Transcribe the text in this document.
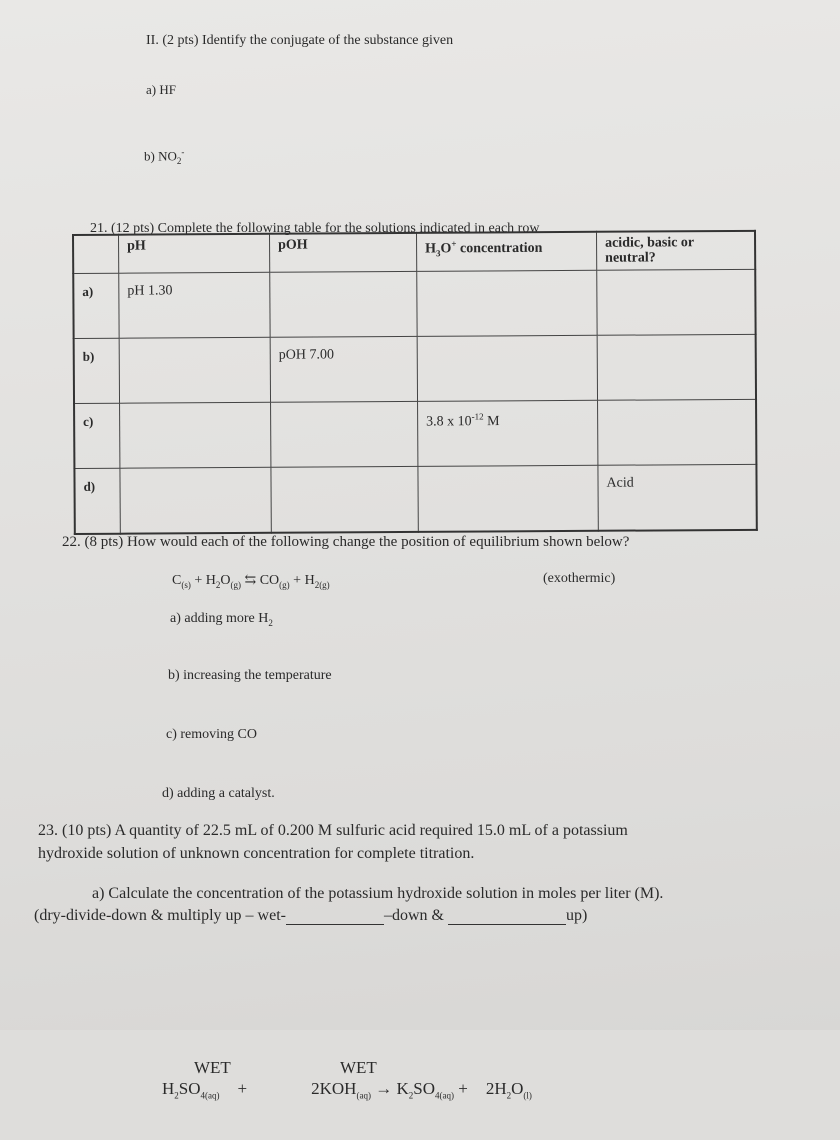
II. (2 pts) Identify the conjugate of the substance given
a) HF
b) $NO_2^-$
21. (12 pts) Complete the following table for the solutions indicated in each row
	pH	pOH	$H_3O^+$ concentration	acidic, basic or neutral?
a)	pH 1.30			
b)		pOH 7.00		
c)			3.8 x $10^{-12}$ M	
d)				Acid
22. (8 pts) How would each of the following change the position of equilibrium shown below?
$C_{(s)} + H_2O_{(g)}$ ⇆ $CO_{(g)} + H_{2(g)}$	(exothermic)
a) adding more $H_2$
b) increasing the temperature
c) removing CO
d) adding a catalyst.
23. (10 pts) A quantity of 22.5 mL of 0.200 M sulfuric acid required 15.0 mL of a potassium
hydroxide solution of unknown concentration for complete titration.
a) Calculate the concentration of the potassium hydroxide solution in moles per liter (M).
(dry-divide-down & multiply up – wet-	–down &	up)
WET	WET
$H_2SO_{4(aq)}$ +	$2KOH_{(aq)} \to K_2SO_{4(aq)} + 2H_2O_{(l)}$
